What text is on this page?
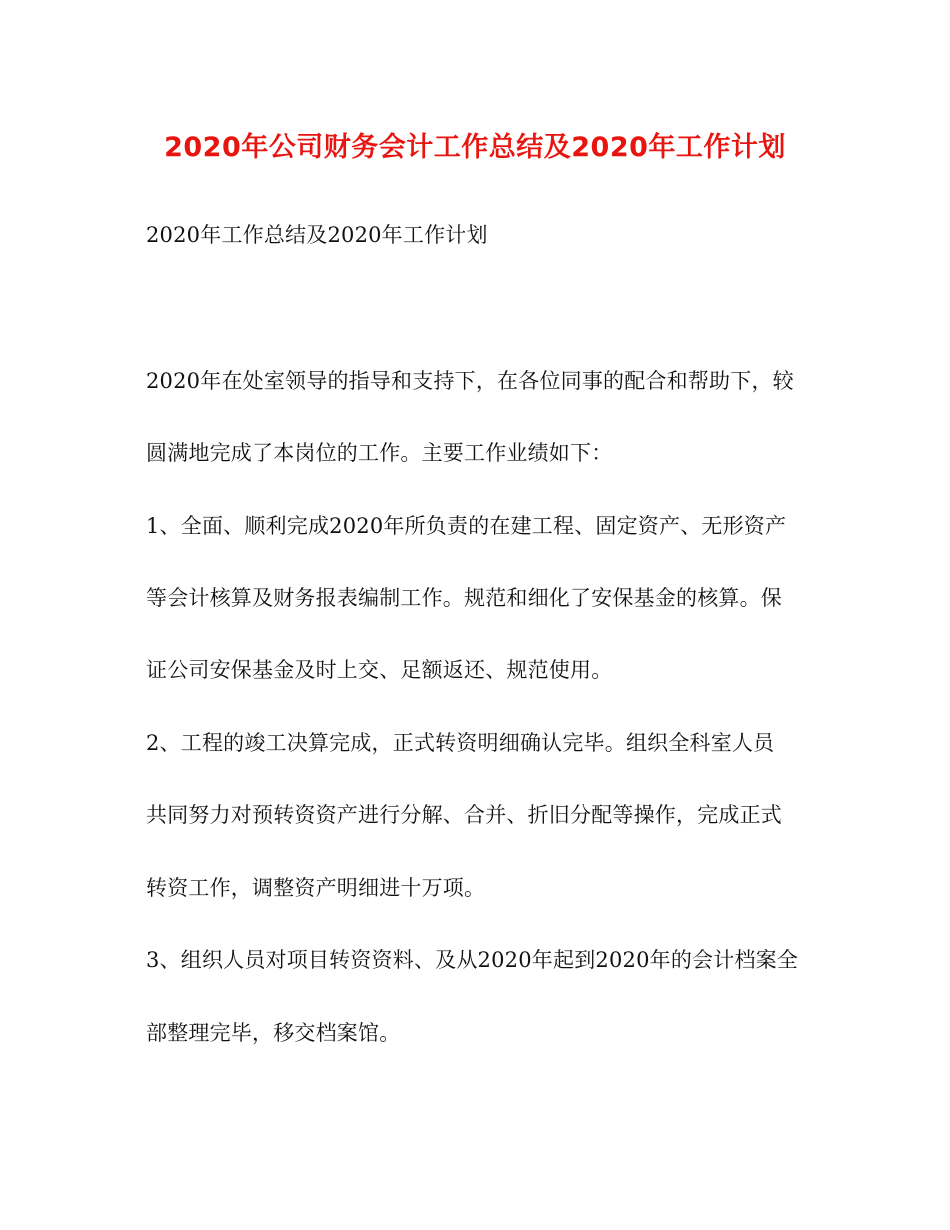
2020年公司财务会计工作总结及2020年工作计划
2020年工作总结及2020年工作计划
2020年在处室领导的指导和支持下，在各位同事的配合和帮助下，较
圆满地完成了本岗位的工作。主要工作业绩如下：
1、全面、顺利完成2020年所负责的在建工程、固定资产、无形资产
等会计核算及财务报表编制工作。规范和细化了安保基金的核算。保
证公司安保基金及时上交、足额返还、规范使用。
2、工程的竣工决算完成，正式转资明细确认完毕。组织全科室人员
共同努力对预转资资产进行分解、合并、折旧分配等操作，完成正式
转资工作，调整资产明细进十万项。
3、组织人员对项目转资资料、及从2020年起到2020年的会计档案全
部整理完毕，移交档案馆。
